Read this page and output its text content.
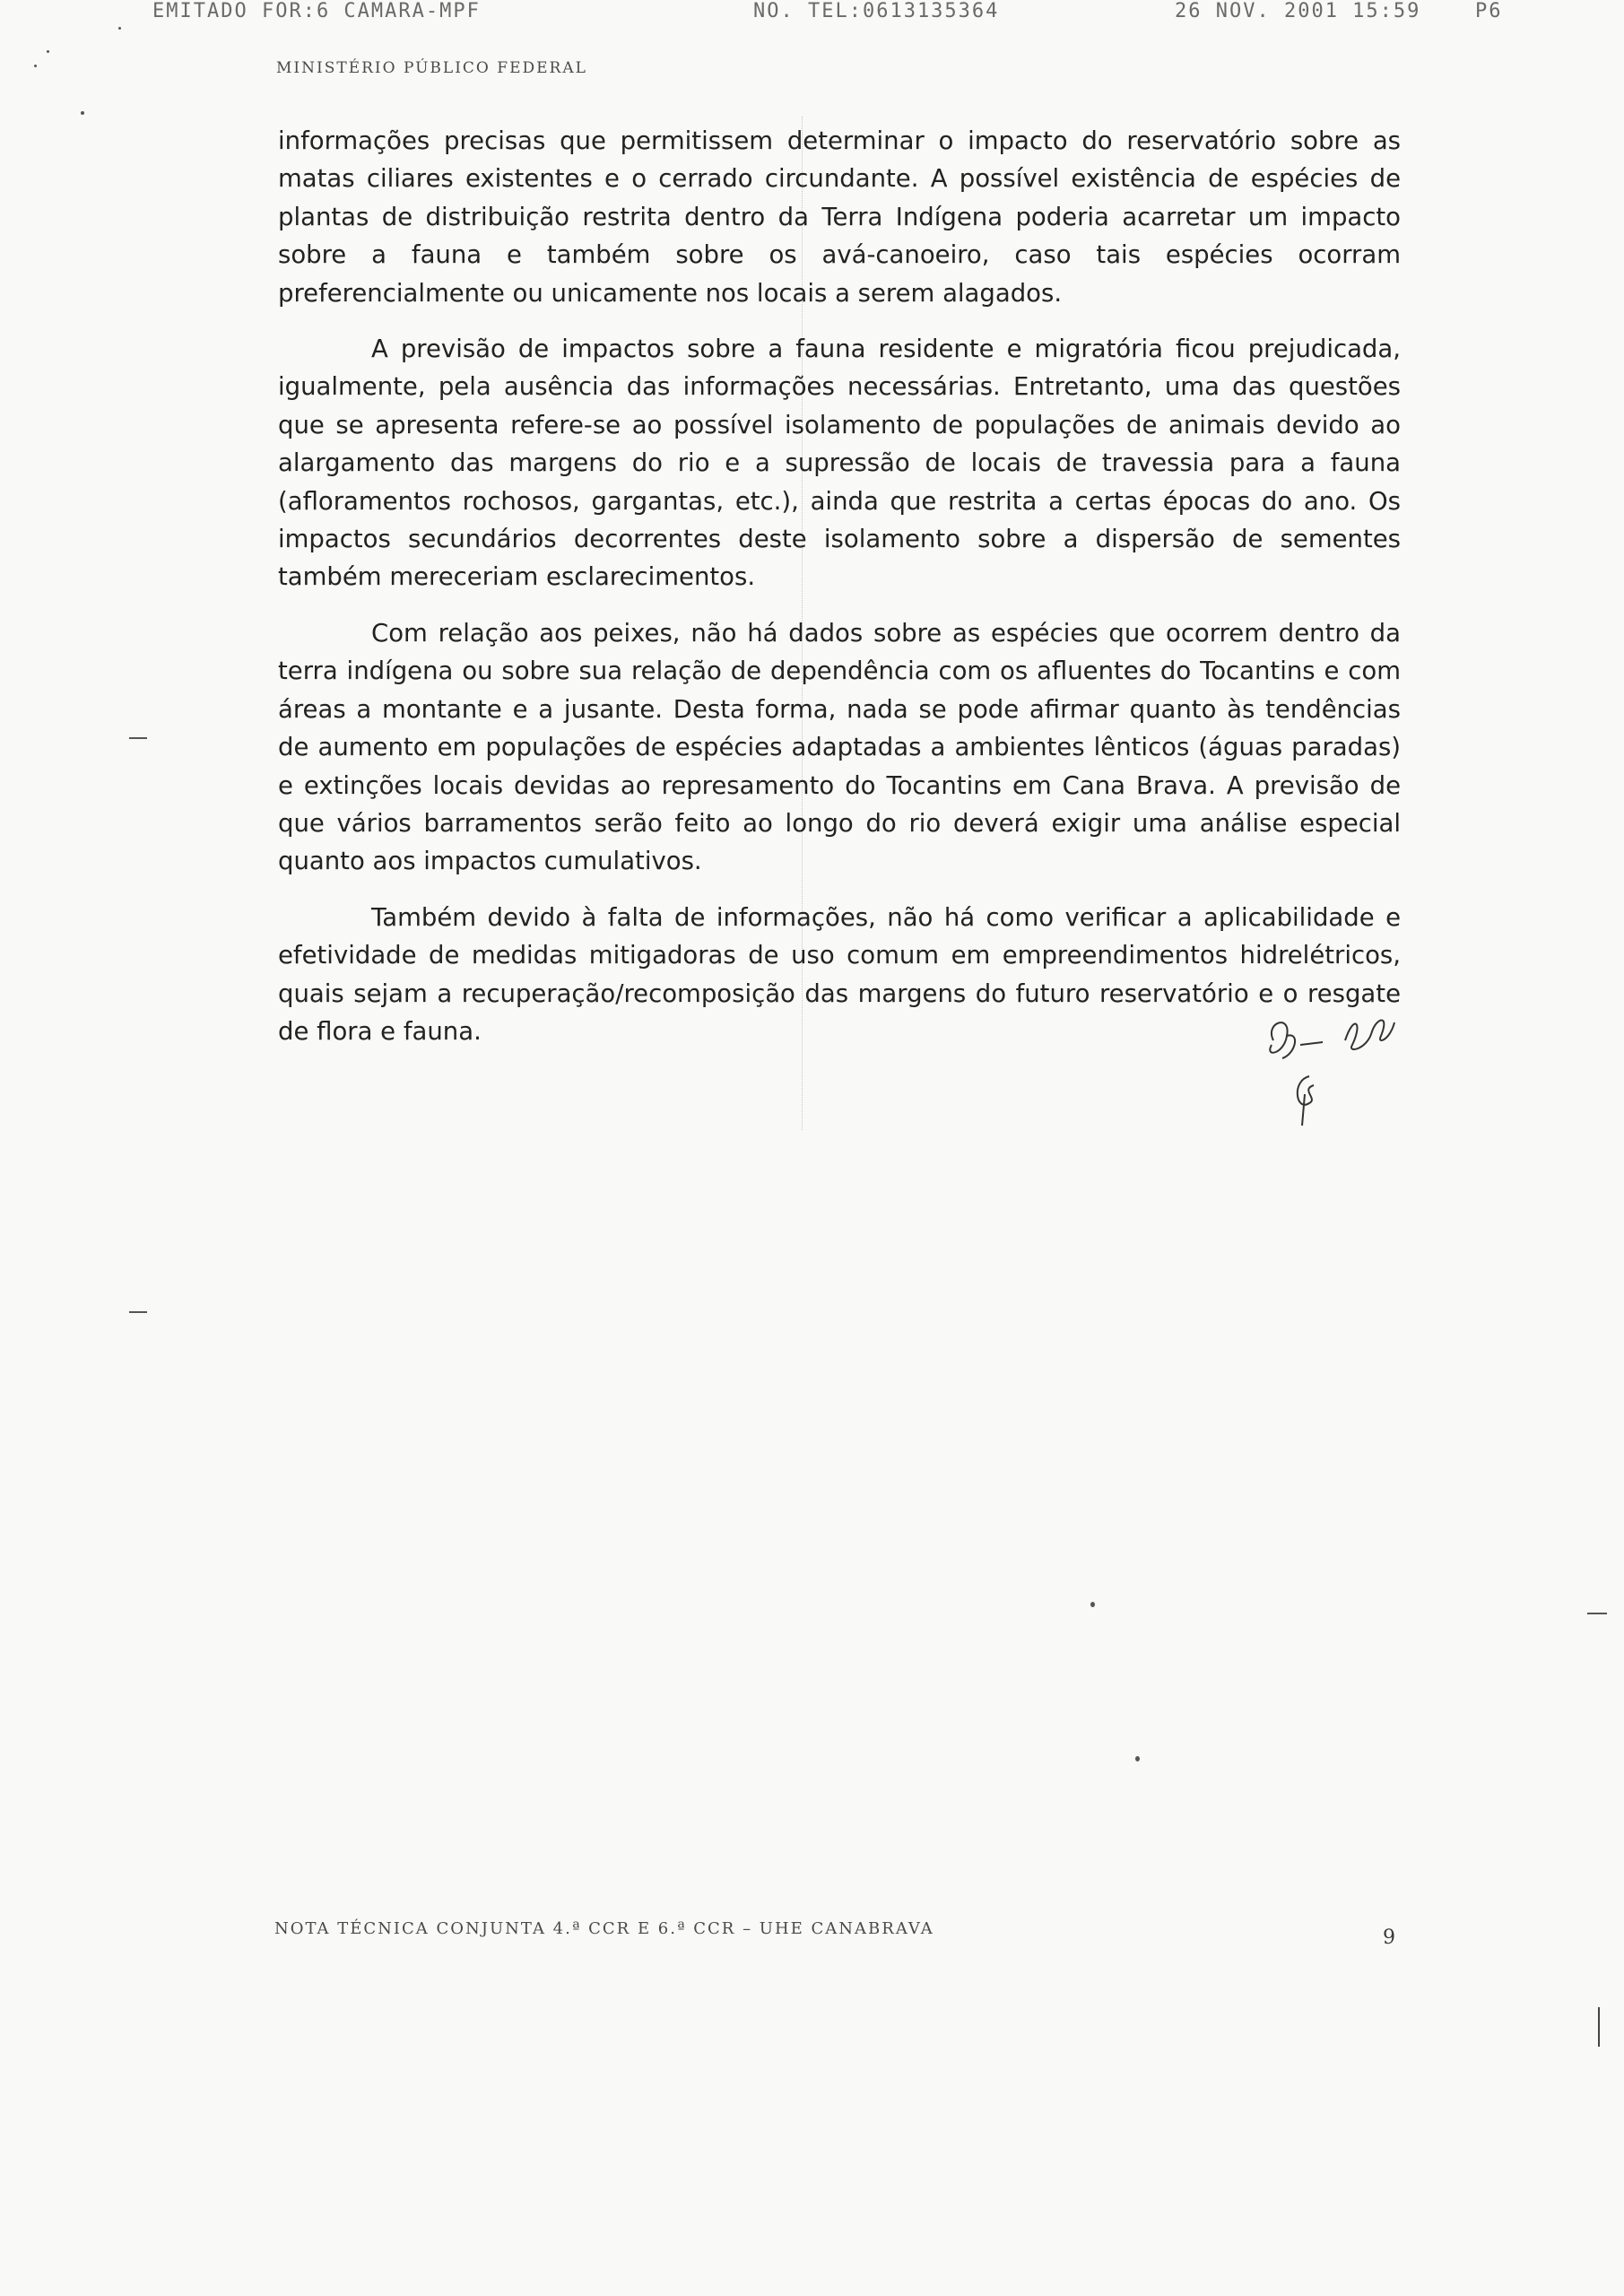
EMITADO FOR:6 CAMARA-MPF	NO. TEL:0613135364	26 NOV. 2001 15:59	P6
MINISTÉRIO PÚBLICO FEDERAL

informações precisas que permitissem determinar o impacto do reservatório sobre as matas ciliares existentes e o cerrado circundante. A possível existência de espécies de plantas de distribuição restrita dentro da Terra Indígena poderia acarretar um impacto sobre a fauna e também sobre os avá-canoeiro, caso tais espécies ocorram preferencialmente ou unicamente nos locais a serem alagados.

A previsão de impactos sobre a fauna residente e migratória ficou prejudicada, igualmente, pela ausência das informações necessárias. Entretanto, uma das questões que se apresenta refere-se ao possível isolamento de populações de animais devido ao alargamento das margens do rio e a supressão de locais de travessia para a fauna (afloramentos rochosos, gargantas, etc.), ainda que restrita a certas épocas do ano. Os impactos secundários decorrentes deste isolamento sobre a dispersão de sementes também mereceriam esclarecimentos.

Com relação aos peixes, não há dados sobre as espécies que ocorrem dentro da terra indígena ou sobre sua relação de dependência com os afluentes do Tocantins e com áreas a montante e a jusante. Desta forma, nada se pode afirmar quanto às tendências de aumento em populações de espécies adaptadas a ambientes lênticos (águas paradas) e extinções locais devidas ao represamento do Tocantins em Cana Brava. A previsão de que vários barramentos serão feito ao longo do rio deverá exigir uma análise especial quanto aos impactos cumulativos.

Também devido à falta de informações, não há como verificar a aplicabilidade e efetividade de medidas mitigadoras de uso comum em empreendimentos hidrelétricos, quais sejam a recuperação/recomposição das margens do futuro reservatório e o resgate de flora e fauna.

NOTA TÉCNICA CONJUNTA 4.ª CCR E 6.ª CCR – UHE CANABRAVA	9
